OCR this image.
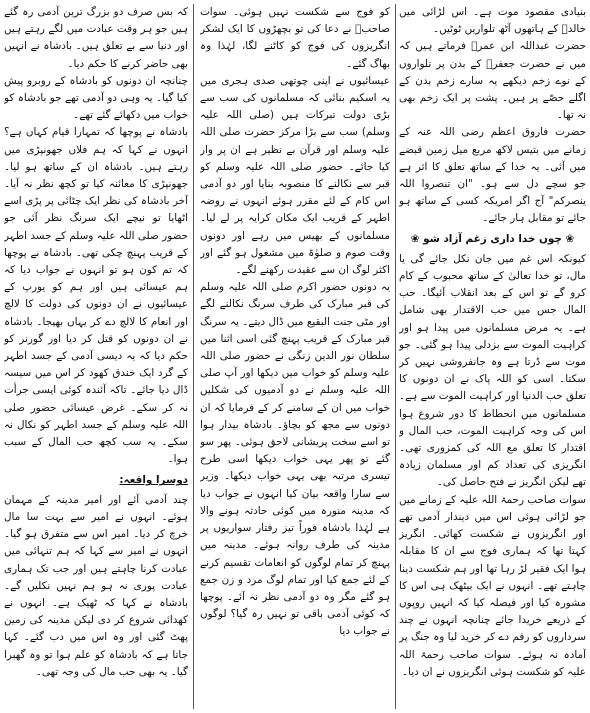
بنیادی مقصود موت ہے۔ اس لڑائی میں خالدؓ کے ہاتھوں آٹھ تلواریں ٹوٹیں۔

حضرت عبداللہ ابن عمرؓ فرماتے ہیں کہ میں نے حضرت جعفرؓ کے بدن پر تلواروں کے نوے زخم دیکھے یہ سارے زخم بدن کے اگلے حصّے پر ہیں۔ پشت پر ایک زخم بھی نہ تھا۔

حضرت فاروق اعظم رضی اللہ عنہ کے زمانے میں بتیس لاکھ مربع میل زمین قبضے میں آئی۔ یہ خدا کے ساتھ تعلق کا اثر ہے جو سچے دل سے ہو۔ "ان تنصروا اللہ ینصرکم" آج اگر امریکہ کسی کے ساتھ ہو جائے تو مقابل ہار جائے۔

❀ چوں خدا داری زغم آزاد شو ❀

کیونکہ اس غم میں جان نکل جائے گی یا مال، تو خدا تعالیٰ کے ساتھ محبوب کے کام کرو گے تو اس کے بعد انقلاب آئیگا۔ حب المال جس میں حب الاقتدار بھی شامل ہے۔ یہ مرض مسلمانوں میں پیدا ہو اور کراہیت الموت سے بزدلی پیدا ہو گئی۔ جو موت سے ڈرتا ہے وہ جانفروشی نہیں کر سکتا۔ اسی کو اللہ پاک نے ان دونوں کا تعلق حب الدنیا اور کراہیت الموت سے ہے۔ مسلمانوں میں انحطاط کا دور شروع ہوا اس کی وجہ کراہیت الموت، حب المال و اقتدار کا تعلق مع اللہ کی کمزوری تھی۔ انگریزی کی تعداد کم اور مسلمان زیادہ تھے لیکن انگریز نے فتح حاصل کی۔

سوات صاحب رحمۃ اللہ علیہ کے زمانے میں جو لڑائی ہوئی اس میں دیندار آدمی تھے اور انگریزوں نے شکست کھائی۔ انگریز کہتا تھا کہ ہماری فوج سے ان کا مقابلہ ہوا ایک فقیر لڑ رہا تھا اور ہم شکست دینا چاہتے تھے۔ انہوں نے ایک بیٹھک ہی اس کا مشورہ کیا اور فیصلہ کیا کہ انہیں روپوں کے ذریعے خریدا جائے چنانچہ انہوں نے چند سرداروں کو رقم دے کر خرید لیا وہ جنگ پر آمادہ نہ ہوئے۔ سوات صاحب رحمۃ اللہ علیہ کو شکست ہوئی انگریزوں نے ان دیا۔

کو فوج سے شکست نہیں ہوئی۔ سوات صاحبؒ نے دعا کی تو بچھڑوں کا ایک لشکر انگریزوں کی فوج کو کاٹنے لگا، لہٰذا وہ بھاگ گئے۔

عیسائیوں نے اپنی چوتھی صدی ہجری میں یہ اسکیم بنائی کہ مسلمانوں کی سب سے بڑی دولت تبرکات ہیں (صلی اللہ علیہ وسلم) سب سے بڑا مرکز حضرت صلی اللہ علیہ وسلم اور قرآن بے نظیر ہے ان پر وار کیا جائے۔ حضور صلی اللہ علیہ وسلم کو قبر سے نکالنے کا منصوبہ بنایا اور دو آدمی اس کام کے لئے مقرر ہوئے انہوں نے روضہ اطہر کے قریب ایک مکان کرایہ پر لے لیا۔ مسلمانوں کے بھیس میں رہے اور دونوں وقت صوم و صلوٰۃ میں مشغول ہو گئے اور اکثر لوگ ان سے عقیدت رکھنے لگے۔

یہ دونوں حضور اکرم صلی اللہ علیہ وسلم کی قبر مبارک کی طرف سرنگ نکالنے لگے اور مٹی جنت البقیع میں ڈال دیتے۔ یہ سرنگ قبر مبارک کے قریب پہنچ گئی اسی اثنا میں سلطان نور الدین زنگی نے حضور صلی اللہ علیہ وسلم کو خواب میں دیکھا اور آپ صلی اللہ علیہ وسلم نے دو آدمیوں کی شکلیں خواب میں ان کے سامنے کر کے فرمایا کہ ان دونوں سے مجھ کو بچاؤ۔ بادشاہ بیدار ہوا تو اسے سخت پریشانی لاحق ہوئی۔ پھر سو گئے تو پھر یہی خواب دیکھا اسی طرح تیسری مرتبہ بھی یہی خواب دیکھا۔ وزیر سے سارا واقعہ بیان کیا انہوں نے جواب دیا کہ مدینہ منورہ میں کوئی حادثہ ہونے والا ہے لہٰذا بادشاہ فوراً تیز رفتار سواریوں پر مدینہ کی طرف روانہ ہوئے۔ مدینہ میں پہنچ کر تمام لوگوں کو انعامات تقسیم کرنے کے لئے جمع کیا اور تمام لوگ مرد و زن جمع ہو گئے مگر وہ دو آدمی نظر نہ آئے۔ پوچھا کہ کوئی آدمی باقی تو نہیں رہ گیا؟ لوگوں نے جواب دیا

کہ بس صرف دو بزرگ ترین آدمی رہ گئے ہیں جو ہر وقت عبادت میں لگے رہتے ہیں اور دنیا سے بے تعلق ہیں۔ بادشاہ نے انہیں بھی حاضر کرنے کا حکم دیا۔

چنانچہ ان دونوں کو بادشاہ کے روبرو پیش کیا گیا۔ یہ وہی دو آدمی تھے جو بادشاہ کو خواب میں دکھائے گئے تھے۔

بادشاہ نے پوچھا کہ تمہارا قیام کہاں ہے؟ انہوں نے کہا کہ ہم فلاں جھونپڑی میں رہتے ہیں۔ بادشاہ ان کے ساتھ ہو لیا۔ جھونپڑی کا معائنہ کیا تو کچھ نظر نہ آیا۔ آخر بادشاہ کی نظر ایک چٹائی پر پڑی اسے اٹھایا تو نیچے ایک سرنگ نظر آئی جو حضور صلی اللہ علیہ وسلم کے جسد اطہر کے قریب پہنچ چکی تھی۔ بادشاہ نے پوچھا کہ تم کون ہو تو انہوں نے جواب دیا کہ ہم عیسائی ہیں اور ہم کو یورپ کے عیسائیوں نے ان دونوں کی دولت کا لالچ اور انعام کا لالچ دے کر یہاں بھیجا۔ بادشاہ نے ان دونوں کو قتل کر دیا اور گورنر کو حکم دیا کہ یہ دیسی آدمی کے جسد اطہر کے گرد ایک خندق کھود کر اس میں سیسہ ڈال دیا جائے۔ تاکہ آئندہ کوئی ایسی جرأت نہ کر سکے۔ غرض عیسائی حضور صلی اللہ علیہ وسلم کے جسد اطہر کو نکال نہ سکے۔ یہ سب کچھ حب المال کے سبب ہوا۔

دوسرا واقعہ:

چند آدمی آئے اور امیر مدینہ کے مہمان ہوئے۔ انہوں نے امیر سے بہت سا مال خرچ کر دیا۔ امیر اس سے متفرق ہو گیا۔ انہوں نے امیر سے کہا کہ ہم تنہائی میں عبادت کرنا چاہتے ہیں اور جب تک ہماری عبادت پوری نہ ہو ہم نہیں نکلیں گے۔ بادشاہ نے کہا کہ ٹھیک ہے۔ انہوں نے کھدائی شروع کر دی لیکن مدینہ کی زمین پھٹ گئی اور وہ اس میں دب گئے۔ کہا جاتا ہے کہ بادشاہ کو علم ہوا تو وہ گھبرا گیا۔ یہ بھی حب مال کی وجہ تھی۔
